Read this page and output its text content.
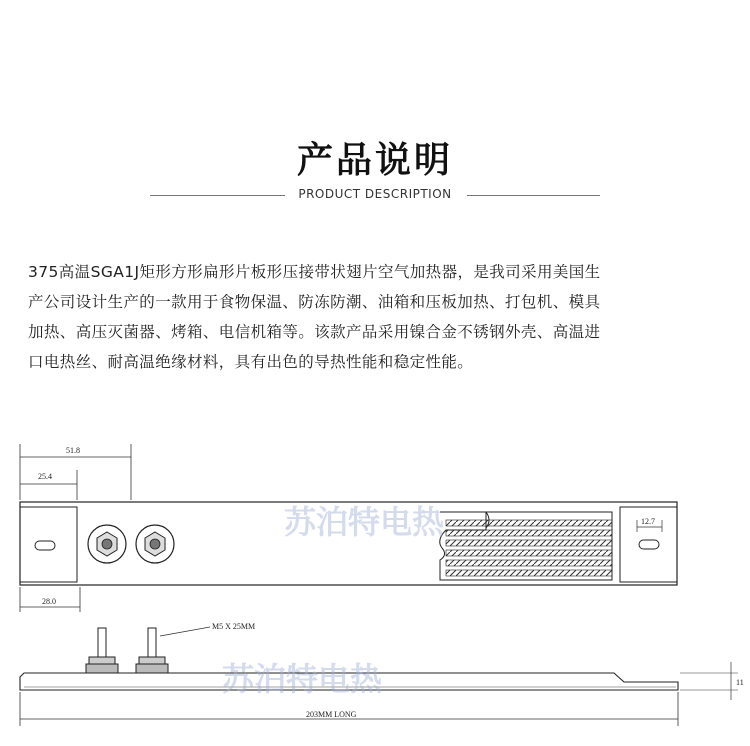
产品说明
PRODUCT DESCRIPTION
375高温SGA1J矩形方形扁形片板形压接带状翅片空气加热器，是我司采用美国生
产公司设计生产的一款用于食物保温、防冻防潮、油箱和压板加热、打包机、模具
加热、高压灭菌器、烤箱、电信机箱等。该款产品采用镍合金不锈钢外壳、高温进
口电热丝、耐高温绝缘材料，具有出色的导热性能和稳定性能。
51.8
25.4
28.0
12.7
M5 X 25MM
11
203MM LONG
苏泊特电热
苏泊特电热
